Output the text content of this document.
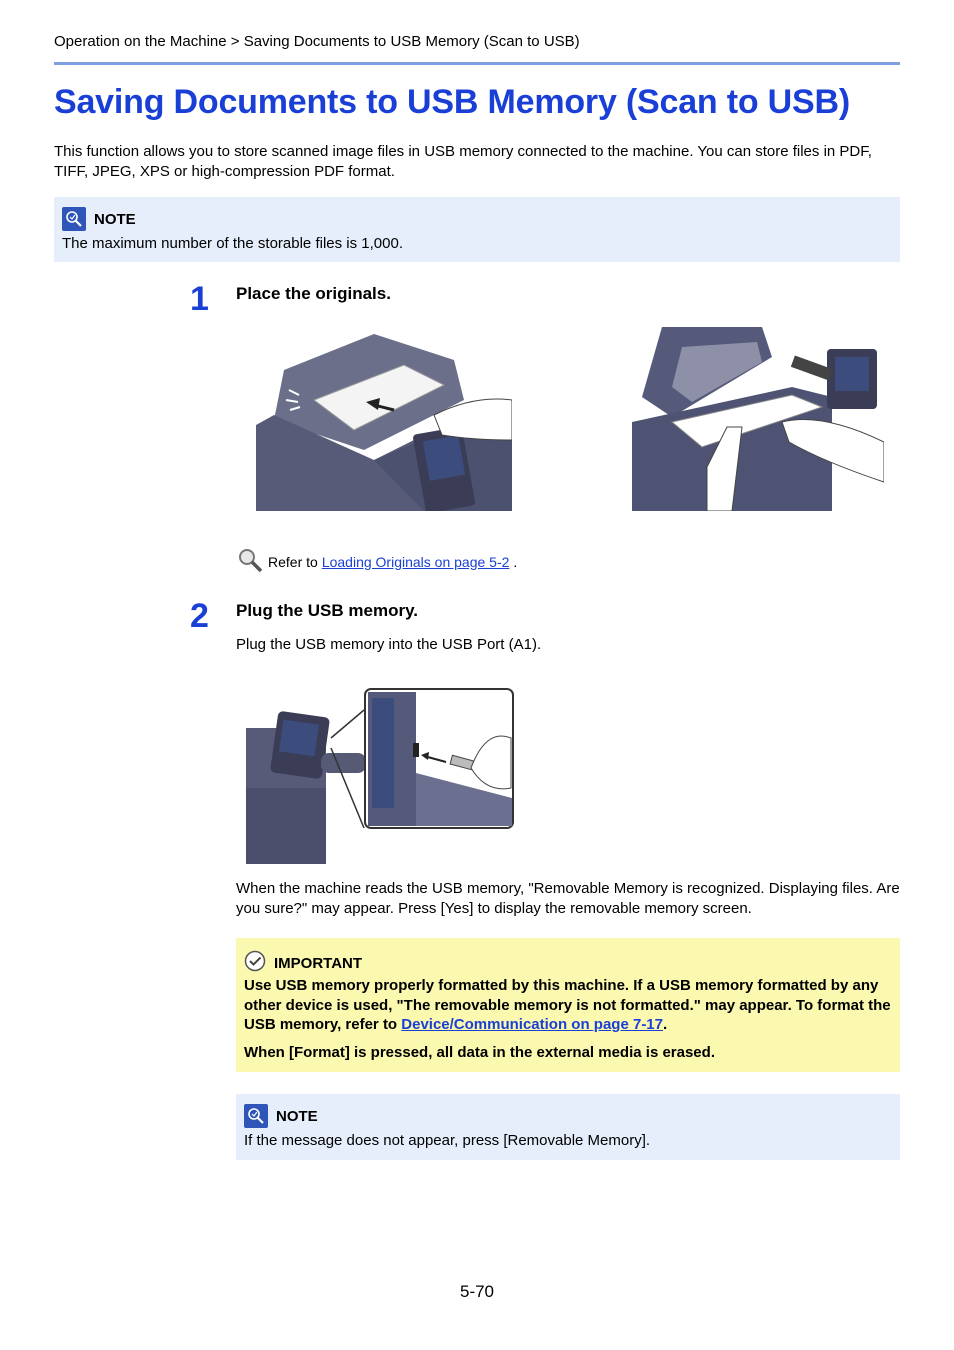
Operation on the Machine > Saving Documents to USB Memory (Scan to USB)
Saving Documents to USB Memory (Scan to USB)

This function allows you to store scanned image files in USB memory connected to the machine. You can store files in PDF, TIFF, JPEG, XPS or high-compression PDF format.

NOTE
The maximum number of the storable files is 1,000.
1 Place the originals.
Refer to Loading Originals on page 5-2 .
2 Plug the USB memory.
Plug the USB memory into the USB Port (A1).

When the machine reads the USB memory, "Removable Memory is recognized. Displaying files. Are you sure?" may appear. Press [Yes] to display the removable memory screen.

IMPORTANT
Use USB memory properly formatted by this machine. If a USB memory formatted by any other device is used, "The removable memory is not formatted." may appear. To format the USB memory, refer to Device/Communication on page 7-17.
When [Format] is pressed, all data in the external media is erased.
NOTE
If the message does not appear, press [Removable Memory].
5-70
